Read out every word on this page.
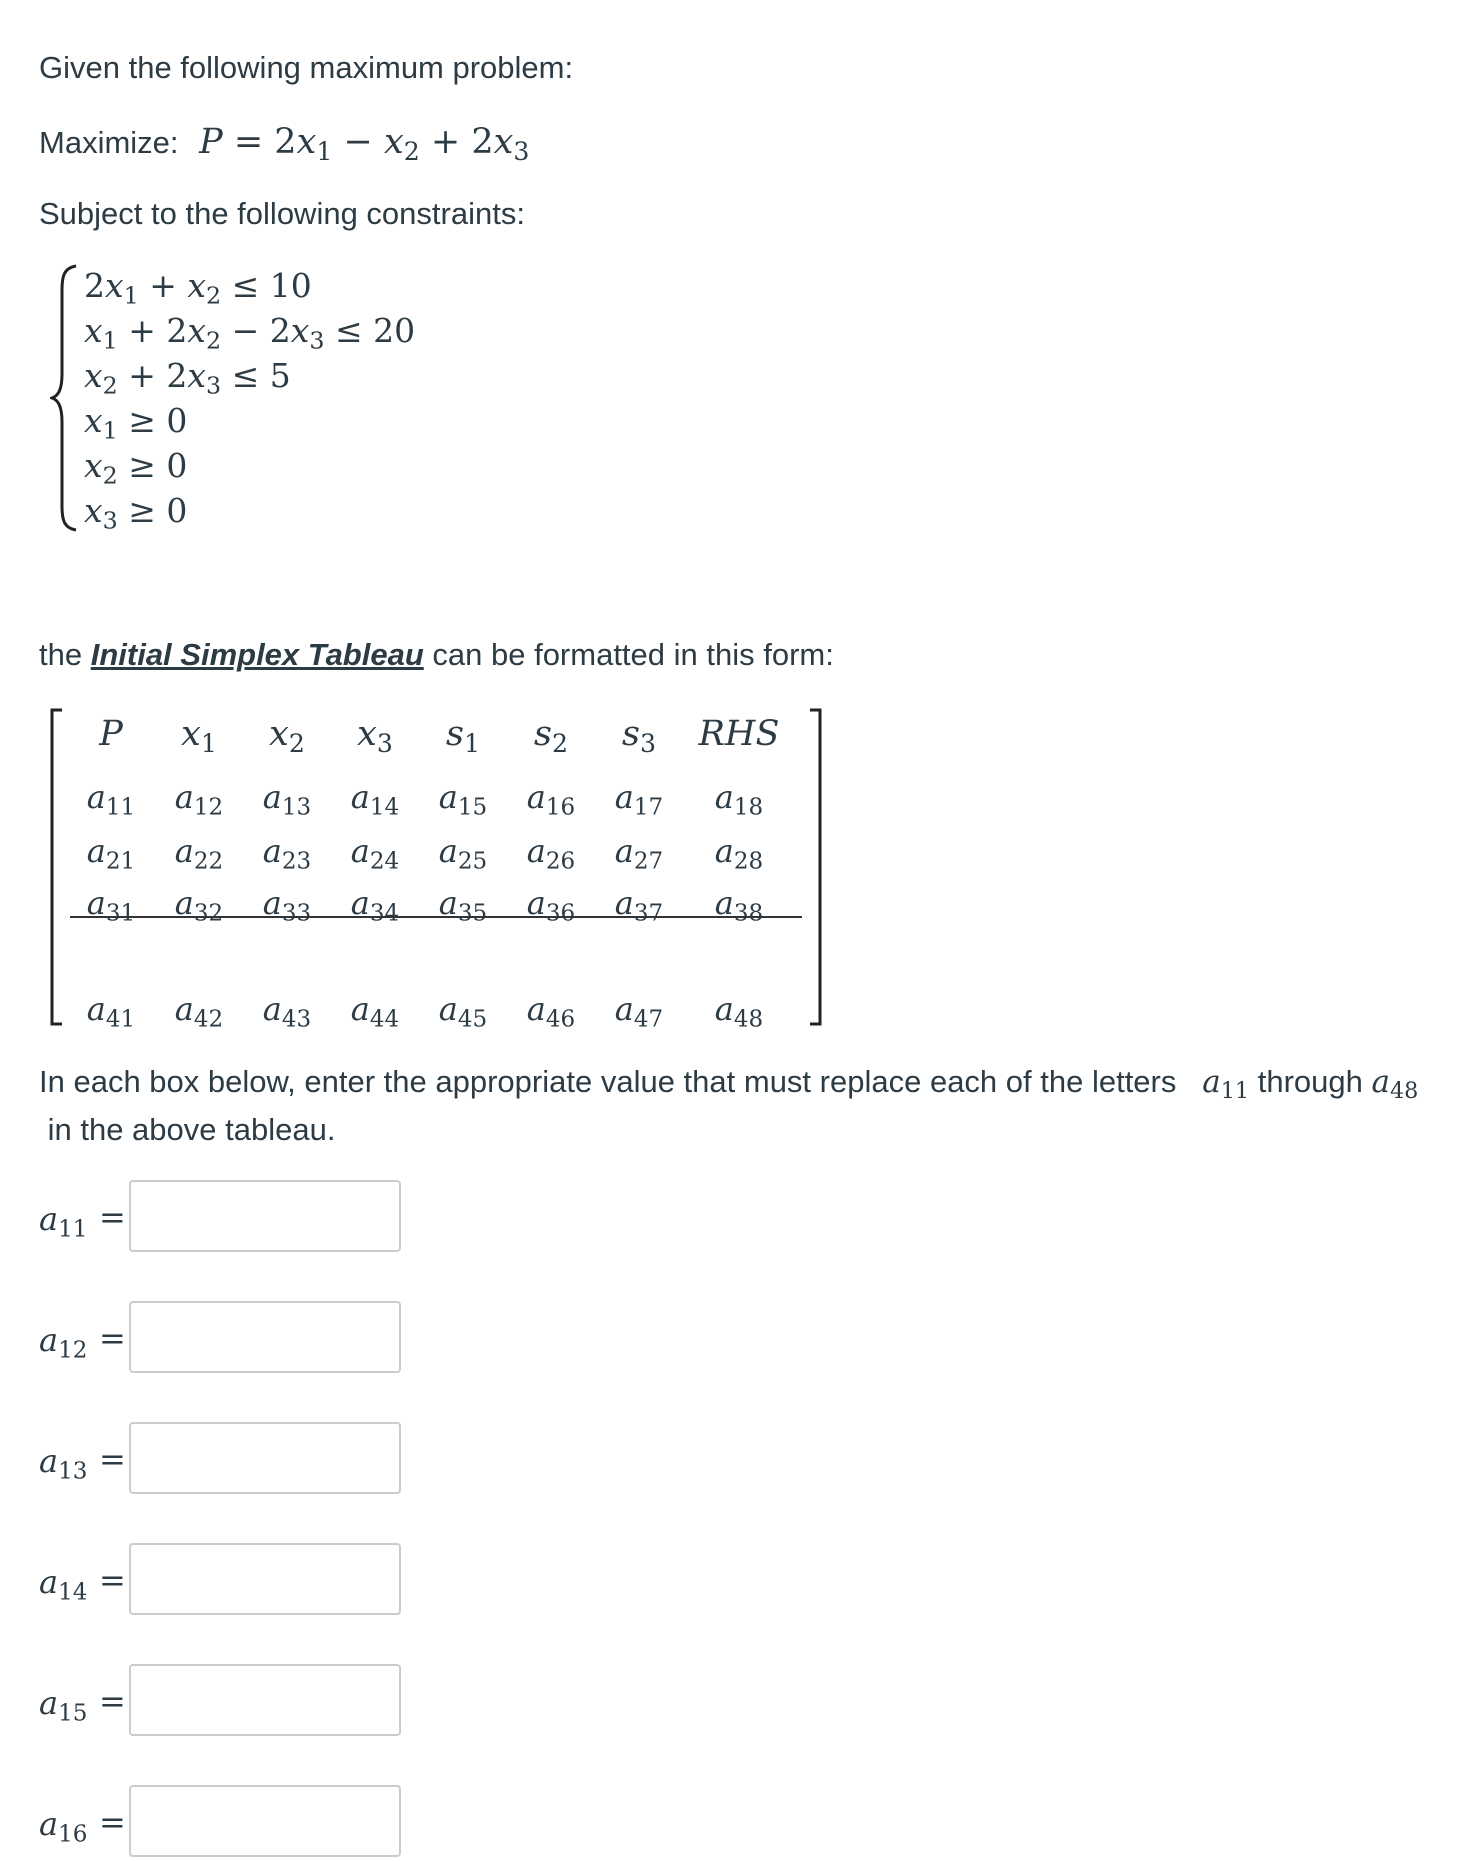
Given the following maximum problem:
Maximize: $P = 2x_1 - x_2 + 2x_3$
Subject to the following constraints:
$2x_1 + x_2 \le 10$
$x_1 + 2x_2 - 2x_3 \le 20$
$x_2 + 2x_3 \le 5$
$x_1 \ge 0$
$x_2 \ge 0$
$x_3 \ge 0$
the Initial Simplex Tableau can be formatted in this form:
P	$x_1$	$x_2$	$x_3$	$s_1$	$s_2$	$s_3$	RHS
$a_{11}$	$a_{12}$	$a_{13}$	$a_{14}$	$a_{15}$	$a_{16}$	$a_{17}$	$a_{18}$
$a_{21}$	$a_{22}$	$a_{23}$	$a_{24}$	$a_{25}$	$a_{26}$	$a_{27}$	$a_{28}$
$a_{31}$	$a_{32}$	$a_{33}$	$a_{34}$	$a_{35}$	$a_{36}$	$a_{37}$	$a_{38}$
$a_{41}$	$a_{42}$	$a_{43}$	$a_{44}$	$a_{45}$	$a_{46}$	$a_{47}$	$a_{48}$
In each box below, enter the appropriate value that must replace each of the letters   $a_{11}$ through $a_{48}$  in the above tableau.
$a_{11}$ =
$a_{12}$ =
$a_{13}$ =
$a_{14}$ =
$a_{15}$ =
$a_{16}$ =
